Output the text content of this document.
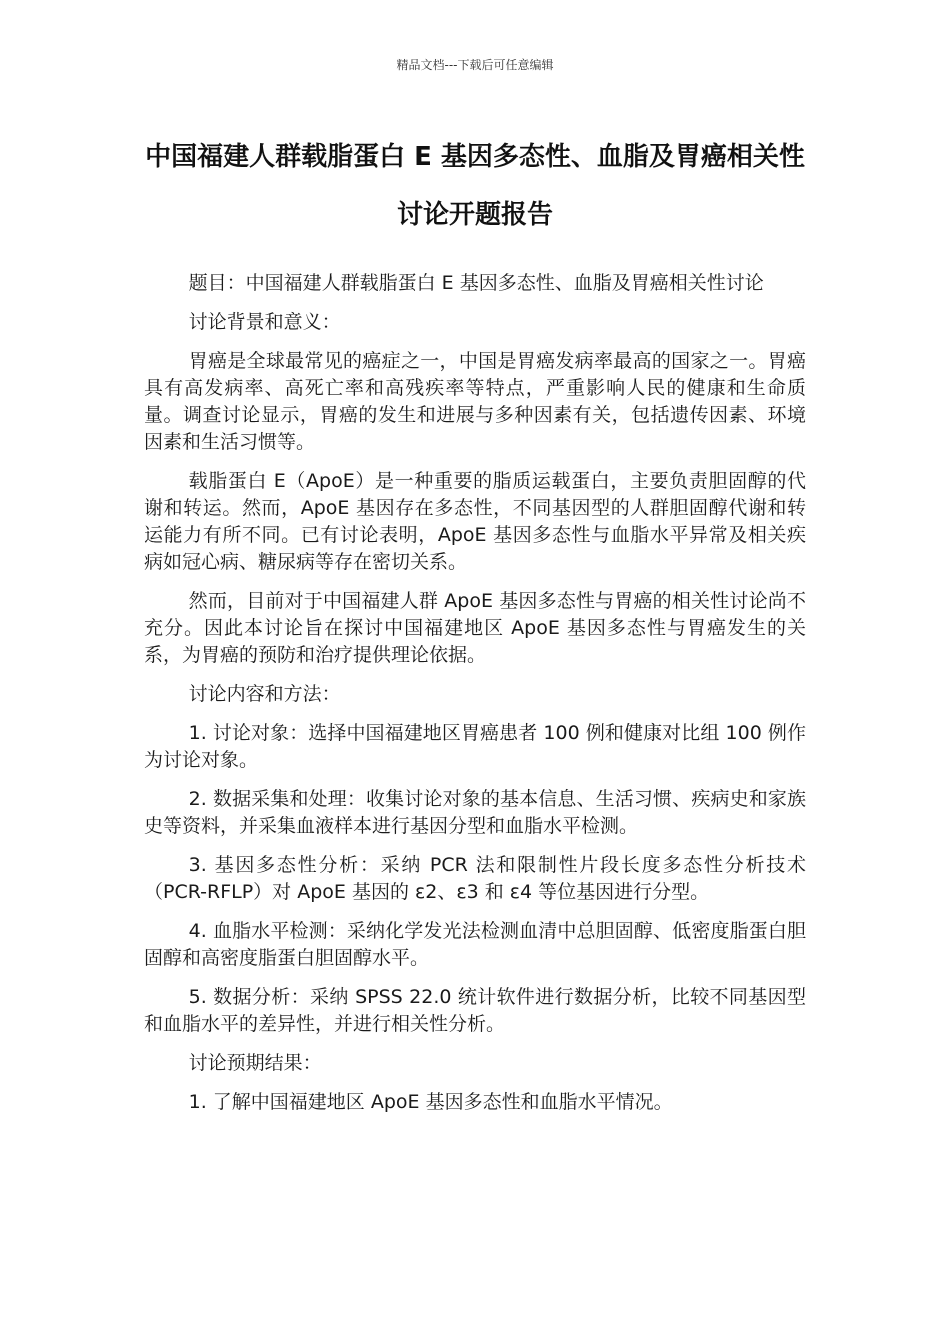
精品文档---下载后可任意编辑
中国福建人群载脂蛋白 E 基因多态性、血脂及胃癌相关性讨论开题报告

题目：中国福建人群载脂蛋白 E 基因多态性、血脂及胃癌相关性讨论

讨论背景和意义：

胃癌是全球最常见的癌症之一，中国是胃癌发病率最高的国家之一。胃癌具有高发病率、高死亡率和高残疾率等特点，严重影响人民的健康和生命质量。调查讨论显示，胃癌的发生和进展与多种因素有关，包括遗传因素、环境因素和生活习惯等。

载脂蛋白 E（ApoE）是一种重要的脂质运载蛋白，主要负责胆固醇的代谢和转运。然而，ApoE 基因存在多态性，不同基因型的人群胆固醇代谢和转运能力有所不同。已有讨论表明，ApoE 基因多态性与血脂水平异常及相关疾病如冠心病、糖尿病等存在密切关系。

然而，目前对于中国福建人群 ApoE 基因多态性与胃癌的相关性讨论尚不充分。因此本讨论旨在探讨中国福建地区 ApoE 基因多态性与胃癌发生的关系，为胃癌的预防和治疗提供理论依据。

讨论内容和方法：

1. 讨论对象：选择中国福建地区胃癌患者 100 例和健康对比组 100 例作为讨论对象。

2. 数据采集和处理：收集讨论对象的基本信息、生活习惯、疾病史和家族史等资料，并采集血液样本进行基因分型和血脂水平检测。

3. 基因多态性分析：采纳 PCR 法和限制性片段长度多态性分析技术（PCR-RFLP）对 ApoE 基因的 ε2、ε3 和 ε4 等位基因进行分型。

4. 血脂水平检测：采纳化学发光法检测血清中总胆固醇、低密度脂蛋白胆固醇和高密度脂蛋白胆固醇水平。

5. 数据分析：采纳 SPSS 22.0 统计软件进行数据分析，比较不同基因型和血脂水平的差异性，并进行相关性分析。

讨论预期结果：

1. 了解中国福建地区 ApoE 基因多态性和血脂水平情况。
